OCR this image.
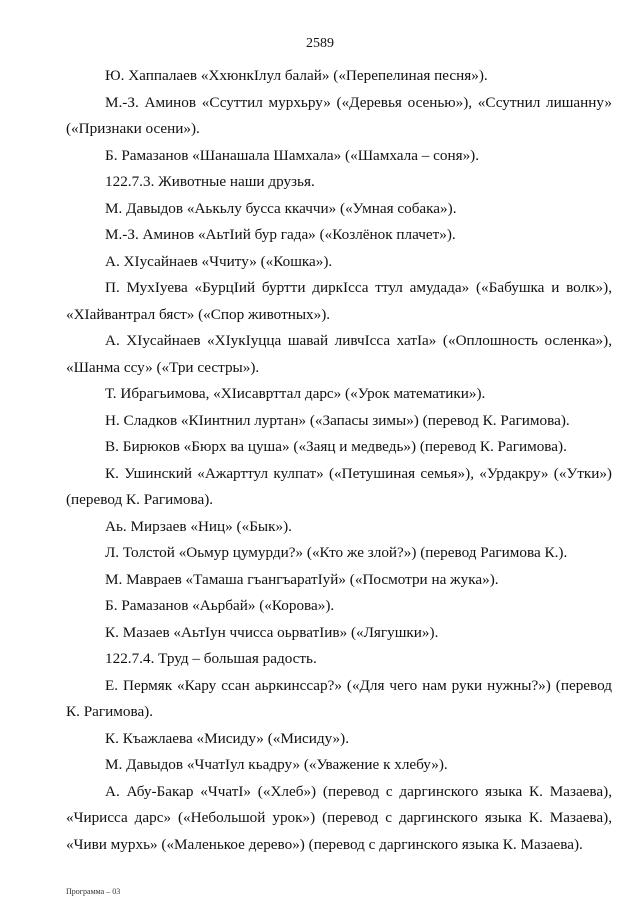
2589

Ю. Хаппалаев «ХхюнкIлул балай» («Перепелиная песня»).

М.-З. Аминов «Ссуттил мурхьру» («Деревья осенью»), «Ссутнил лишанну» («Признаки осени»).

Б. Рамазанов «Шанашала Шамхала» («Шамхала – соня»).

122.7.3. Животные наши друзья.

М. Давыдов «Аькьлу бусса ккаччи» («Умная собака»).

М.-З. Аминов «АьтIий бур гада» («Козлёнок плачет»).

А. ХIусайнаев «Ччиту» («Кошка»).

П. МухIуева «БурцIий буртти диркIсса ттул амудада» («Бабушка и волк»), «ХIайвантрал бяст» («Спор животных»).

А. ХIусайнаев «ХIукIуцца шавай ливчIсса хатIа» («Оплошность осленка»), «Шанма ссу» («Три сестры»).

Т. Ибрагьимова, «ХIисаврттал дарс» («Урок математики»).

Н. Сладков «КIинтнил луртан» («Запасы зимы») (перевод К. Рагимова).

В. Бирюков «Бюрх ва цуша» («Заяц и медведь») (перевод К. Рагимова).

К. Ушинский «Ажарттул кулпат» («Петушиная семья»), «Урдакру» («Утки») (перевод К. Рагимова).

Аь. Мирзаев «Ниц» («Бык»).

Л. Толстой «Оьмур цумурди?» («Кто же злой?») (перевод Рагимова К.).

М. Мавраев «Тамаша гъангъаратIуй» («Посмотри на жука»).

Б. Рамазанов «Аьрбай» («Корова»).

К. Мазаев «АьтIун ччисса оьрватIив» («Лягушки»).

122.7.4. Труд – большая радость.

Е. Пермяк «Кару ссан аьркинссар?» («Для чего нам руки нужны?») (перевод К. Рагимова).

К. Къажлаева «Мисиду» («Мисиду»).

М. Давыдов «ЧчатIул кьадру» («Уважение к хлебу»).

А. Абу-Бакар «ЧчатI» («Хлеб») (перевод с даргинского языка К. Мазаева), «Чирисса дарс» («Небольшой урок») (перевод с даргинского языка К. Мазаева), «Чиви мурхь» («Маленькое дерево») (перевод с даргинского языка К. Мазаева).

Программа – 03
